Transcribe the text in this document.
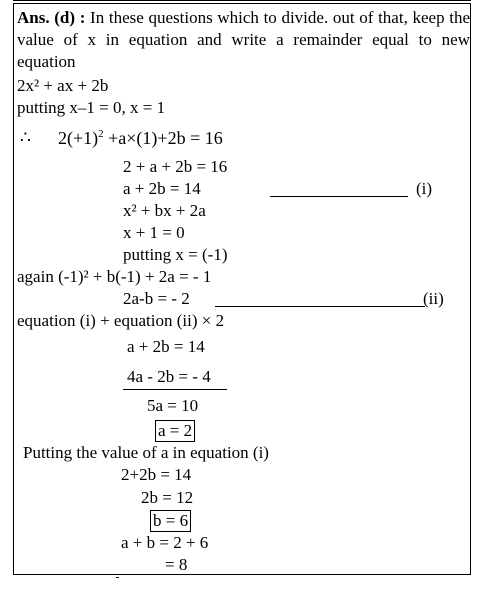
Ans. (d) : In these questions which to divide. out of that, keep the value of x in equation and write a remainder equal to new equation
2x² + ax + 2b
putting x–1 = 0, x = 1
∴ $2(+1)^2 +a\times(1)+2b = 16$
2 + a + 2b = 16
a + 2b = 14	(i)
x² + bx + 2a
x + 1 = 0
putting x = (-1)
again (-1)² + b(-1) + 2a = - 1
2a-b = - 2	(ii)
equation (i) + equation (ii) × 2
a + 2b = 14
4a - 2b = - 4
5a = 10
a = 2
Putting the value of a in equation (i)
2+2b = 14
2b = 12
b = 6
a + b = 2 + 6
= 8
